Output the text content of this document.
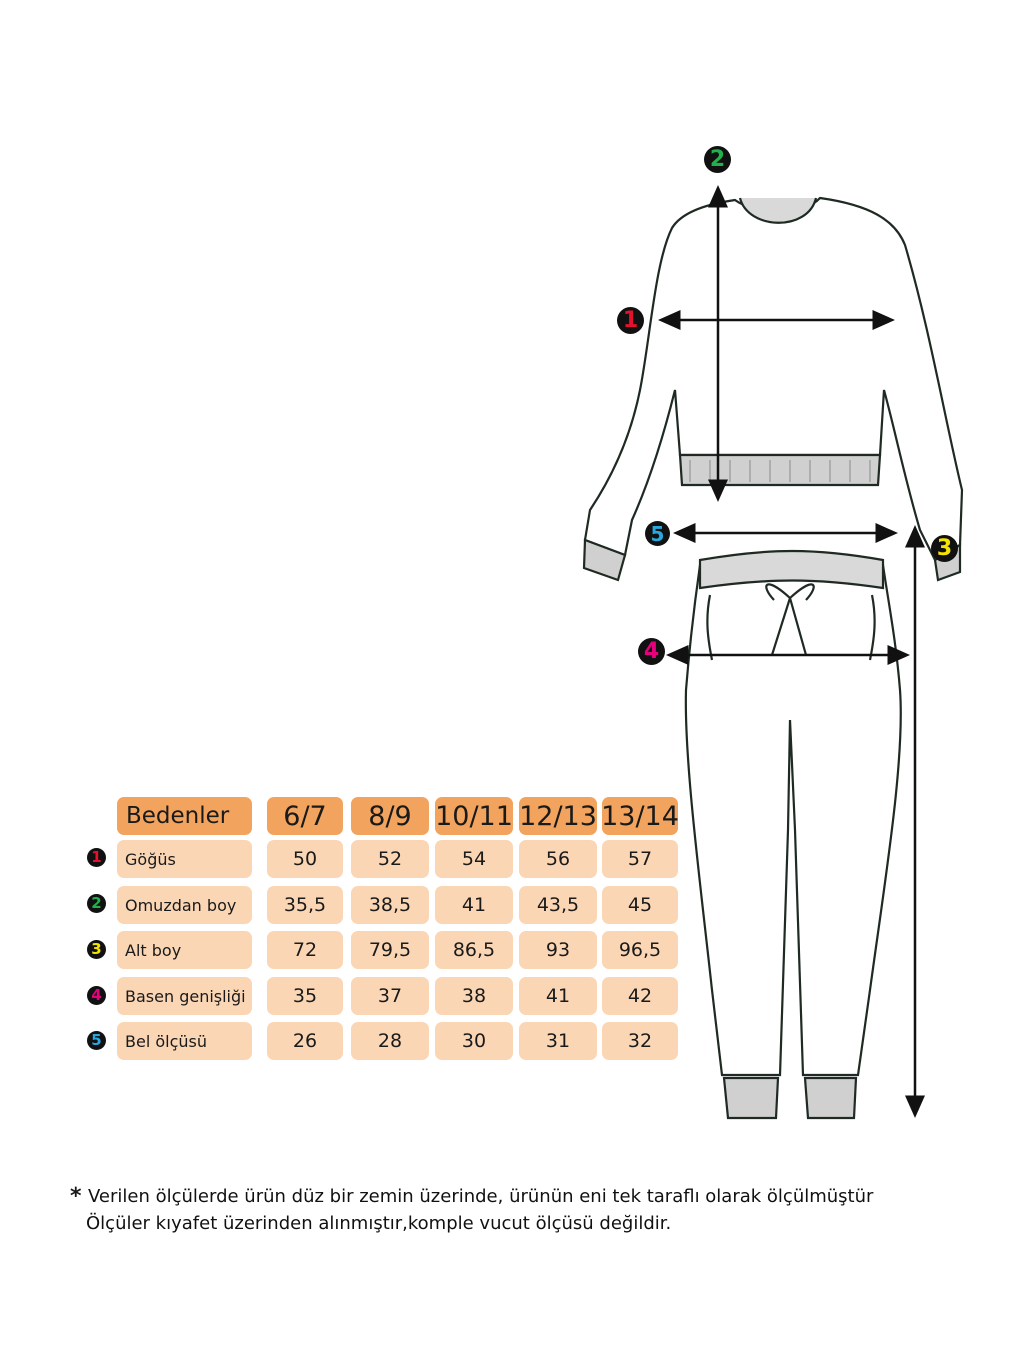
2
1
5
3
4
Bedenler	6/7	8/9 10/11 12/13 13/14
1	Göğüs	50	52	54	56	57
2	Omuzdan boy	35,5	38,5	41	43,5	45
3	Alt boy	72	79,5	86,5	93	96,5
4	Basen genişliği	35	37	38	41	42
5	Bel ölçüsü	26	28	30	31	32
* Verilen ölçülerde ürün düz bir zemin üzerinde, ürünün eni tek taraflı olarak ölçülmüştür
Ölçüler kıyafet üzerinden alınmıştır,komple vucut ölçüsü değildir.
